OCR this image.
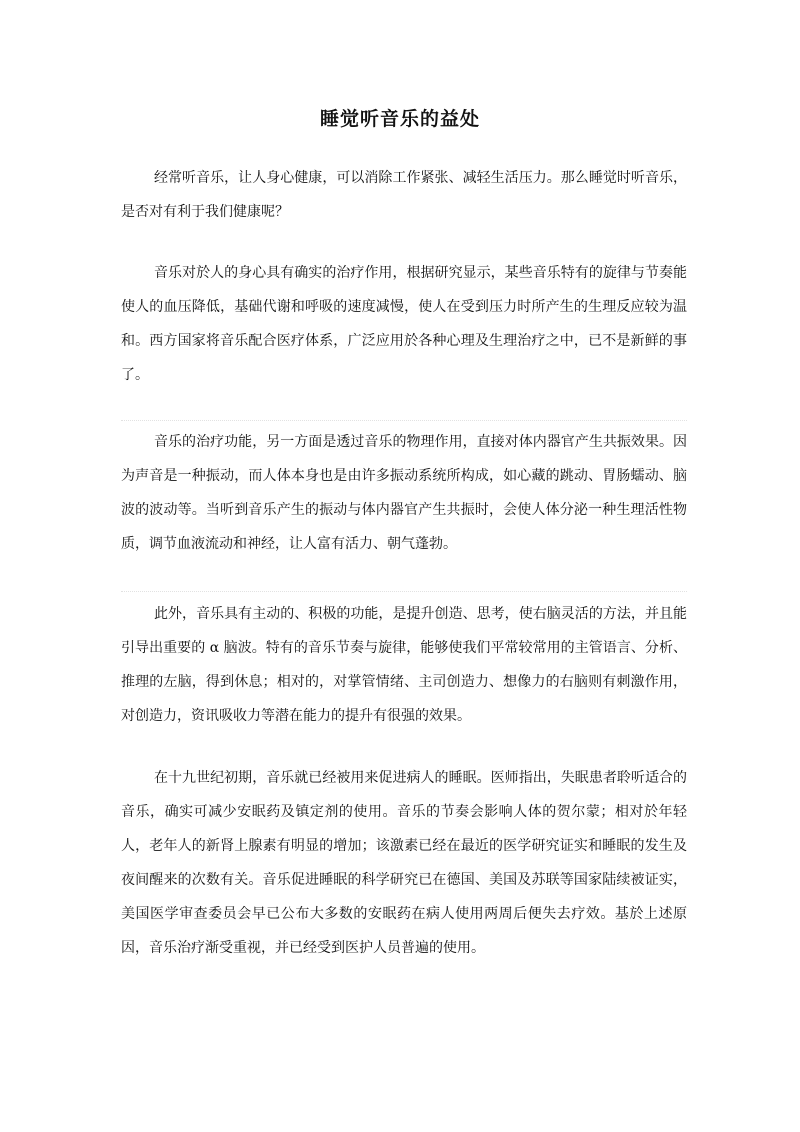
睡觉听音乐的益处

经常听音乐，让人身心健康，可以消除工作紧张、减轻生活压力。那么睡觉时听音乐，是否对有利于我们健康呢？

音乐对於人的身心具有确实的治疗作用，根据研究显示，某些音乐特有的旋律与节奏能使人的血压降低，基础代谢和呼吸的速度减慢，使人在受到压力时所产生的生理反应较为温和。西方国家将音乐配合医疗体系，广泛应用於各种心理及生理治疗之中，已不是新鲜的事了。

音乐的治疗功能，另一方面是透过音乐的物理作用，直接对体内器官产生共振效果。因为声音是一种振动，而人体本身也是由许多振动系统所构成，如心藏的跳动、胃肠蠕动、脑波的波动等。当听到音乐产生的振动与体内器官产生共振时，会使人体分泌一种生理活性物质，调节血液流动和神经，让人富有活力、朝气蓬勃。

此外，音乐具有主动的、积极的功能，是提升创造、思考，使右脑灵活的方法，并且能引导出重要的 α 脑波。特有的音乐节奏与旋律，能够使我们平常较常用的主管语言、分析、推理的左脑，得到休息；相对的，对掌管情绪、主司创造力、想像力的右脑则有刺激作用，对创造力，资讯吸收力等潜在能力的提升有很强的效果。

在十九世纪初期，音乐就已经被用来促进病人的睡眠。医师指出，失眠患者聆听适合的音乐，确实可减少安眠药及镇定剂的使用。音乐的节奏会影响人体的贺尔蒙；相对於年轻人，老年人的新肾上腺素有明显的增加；该激素已经在最近的医学研究证实和睡眠的发生及夜间醒来的次数有关。音乐促进睡眠的科学研究已在德国、美国及苏联等国家陆续被证实，美国医学审查委员会早已公布大多数的安眠药在病人使用两周后便失去疗效。基於上述原因，音乐治疗渐受重视，并已经受到医护人员普遍的使用。
